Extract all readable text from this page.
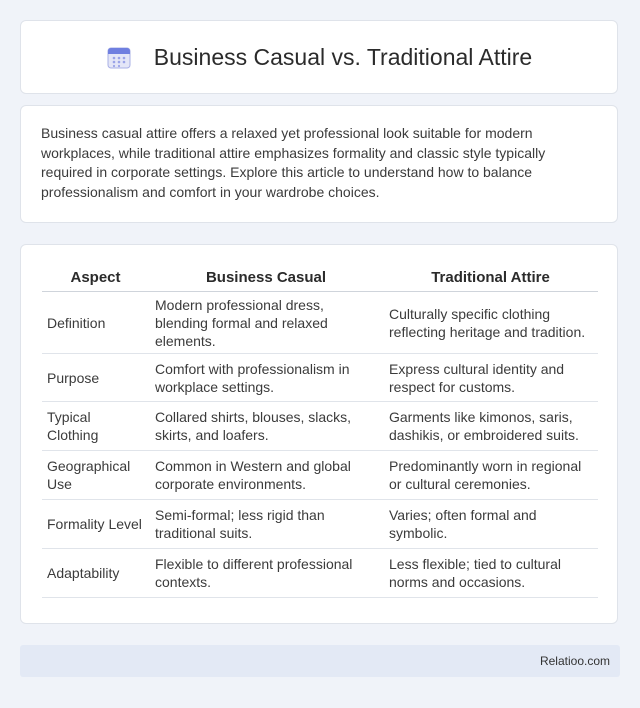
Business Casual vs. Traditional Attire

Business casual attire offers a relaxed yet professional look suitable for modern workplaces, while traditional attire emphasizes formality and classic style typically required in corporate settings. Explore this article to understand how to balance professionalism and comfort in your wardrobe choices.

Aspect	Business Casual	Traditional Attire
Definition	Modern professional dress, blending formal and relaxed elements.	Culturally specific clothing reflecting heritage and tradition.
Purpose	Comfort with professionalism in workplace settings.	Express cultural identity and respect for customs.
Typical Clothing	Collared shirts, blouses, slacks, skirts, and loafers.	Garments like kimonos, saris, dashikis, or embroidered suits.
Geographical Use	Common in Western and global corporate environments.	Predominantly worn in regional or cultural ceremonies.
Formality Level	Semi-formal; less rigid than traditional suits.	Varies; often formal and symbolic.
Adaptability	Flexible to different professional contexts.	Less flexible; tied to cultural norms and occasions.
Relatioo.com
